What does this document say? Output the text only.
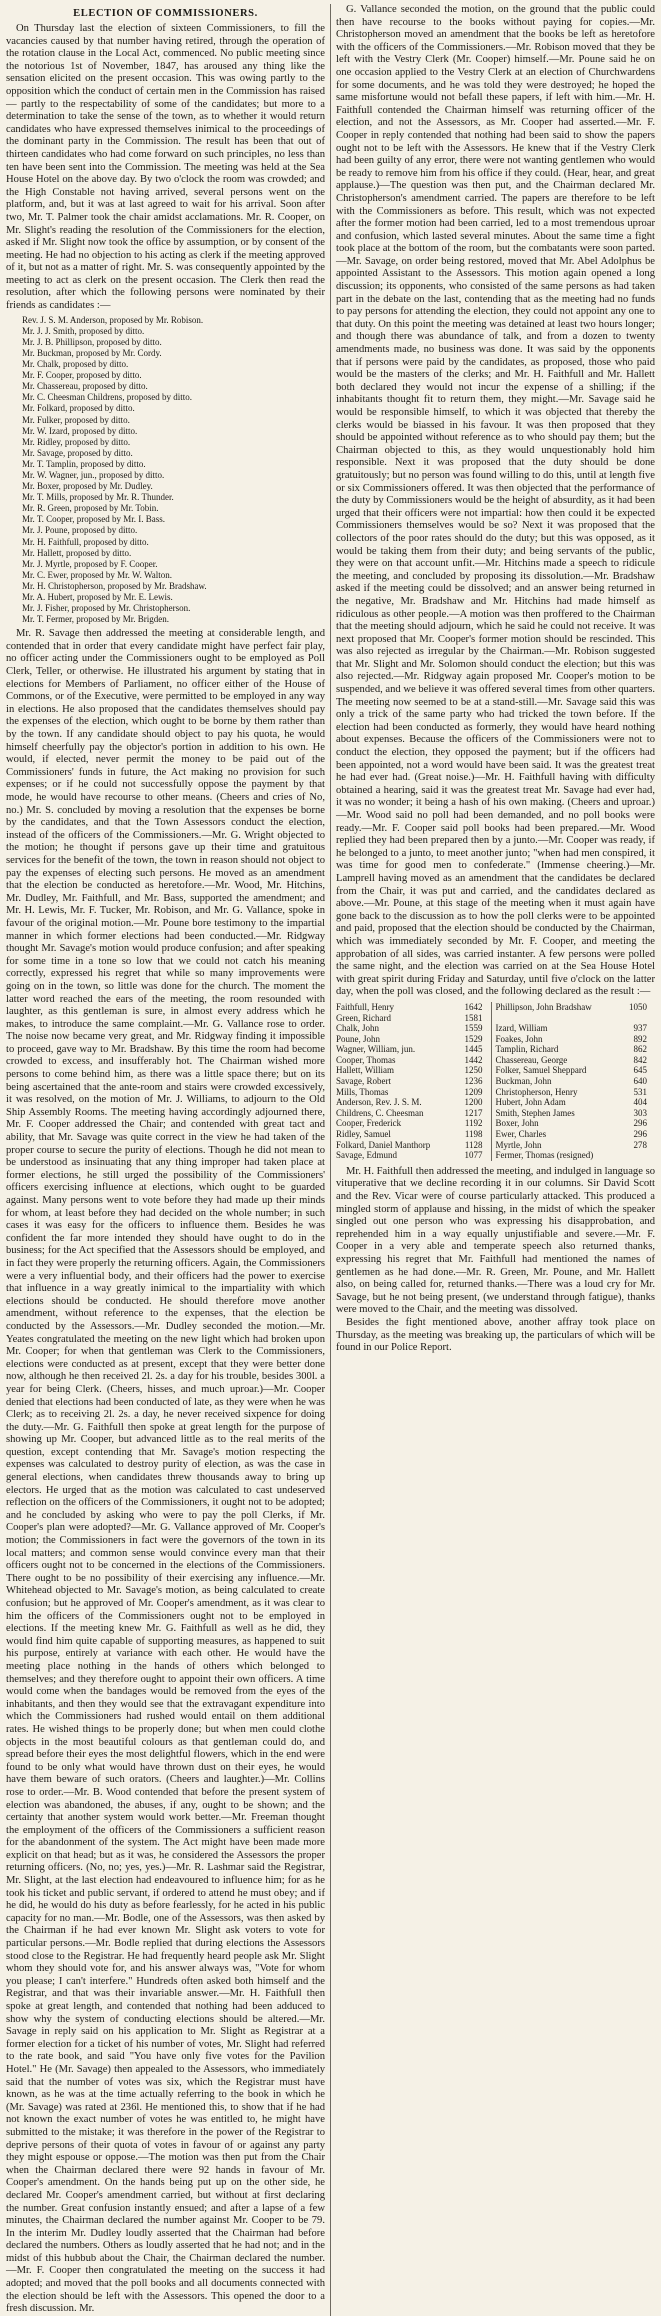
ELECTION OF COMMISSIONERS.

On Thursday last the election of sixteen Commissioners, to fill the vacancies caused by that number having retired, through the operation of the rotation clause in the Local Act, commenced. No public meeting since the notorious 1st of November, 1847, has aroused any thing like the sensation elicited on the present occasion. This was owing partly to the opposition which the conduct of certain men in the Commission has raised — partly to the respectability of some of the candidates; but more to a determination to take the sense of the town, as to whether it would return candidates who have expressed themselves inimical to the proceedings of the dominant party in the Commission. The result has been that out of thirteen candidates who had come forward on such principles, no less than ten have been sent into the Commission. The meeting was held at the Sea House Hotel on the above day. By two o'clock the room was crowded; and the High Constable not having arrived, several persons went on the platform, and, but it was at last agreed to wait for his arrival. Soon after two, Mr. T. Palmer took the chair amidst acclamations. Mr. R. Cooper, on Mr. Slight's reading the resolution of the Commissioners for the election, asked if Mr. Slight now took the office by assumption, or by consent of the meeting. He had no objection to his acting as clerk if the meeting approved of it, but not as a matter of right. Mr. S. was consequently appointed by the meeting to act as clerk on the present occasion. The Clerk then read the resolution, after which the following persons were nominated by their friends as candidates :—

Rev. J. S. M. Anderson, proposed by Mr. Robison.
Mr. J. J. Smith, proposed by ditto.
Mr. J. B. Phillipson, proposed by ditto.
Mr. Buckman, proposed by Mr. Cordy.
Mr. Chalk, proposed by ditto.
Mr. F. Cooper, proposed by ditto.
Mr. Chassereau, proposed by ditto.
Mr. C. Cheesman Childrens, proposed by ditto.
Mr. Folkard, proposed by ditto.
Mr. Fulker, proposed by ditto.
Mr. W. Izard, proposed by ditto.
Mr. Ridley, proposed by ditto.
Mr. Savage, proposed by ditto.
Mr. T. Tamplin, proposed by ditto.
Mr. W. Wagner, jun., proposed by ditto.
Mr. Boxer, proposed by Mr. Dudley.
Mr. T. Mills, proposed by Mr. R. Thunder.
Mr. R. Green, proposed by Mr. Tobin.
Mr. T. Cooper, proposed by Mr. I. Bass.
Mr. J. Poune, proposed by ditto.
Mr. H. Faithfull, proposed by ditto.
Mr. Hallett, proposed by ditto.
Mr. J. Myrtle, proposed by F. Cooper.
Mr. C. Ewer, proposed by Mr. W. Walton.
Mr. H. Christopherson, proposed by Mr. Bradshaw.
Mr. A. Hubert, proposed by Mr. E. Lewis.
Mr. J. Fisher, proposed by Mr. Christopherson.
Mr. T. Fermer, proposed by Mr. Brigden.

Mr. R. Savage then addressed the meeting at considerable length, and contended that in order that every candidate might have perfect fair play, no officer acting under the Commissioners ought to be employed as Poll Clerk, Teller, or otherwise. He illustrated his argument by stating that in elections for Members of Parliament, no officer either of the House of Commons, or of the Executive, were permitted to be employed in any way in elections. He also proposed that the candidates themselves should pay the expenses of the election, which ought to be borne by them rather than by the town. If any candidate should object to pay his quota, he would himself cheerfully pay the objector's portion in addition to his own. He would, if elected, never permit the money to be paid out of the Commissioners' funds in future, the Act making no provision for such expenses; or if he could not successfully oppose the payment by that mode, he would have recourse to other means. (Cheers and cries of No, no.) Mr. S. concluded by moving a resolution that the expenses be borne by the candidates, and that the Town Assessors conduct the election, instead of the officers of the Commissioners.—Mr. G. Wright objected to the motion; he thought if persons gave up their time and gratuitous services for the benefit of the town, the town in reason should not object to pay the expenses of electing such persons. He moved as an amendment that the election be conducted as heretofore.—Mr. Wood, Mr. Hitchins, Mr. Dudley, Mr. Faithfull, and Mr. Bass, supported the amendment; and Mr. H. Lewis, Mr. F. Tucker, Mr. Robison, and Mr. G. Vallance, spoke in favour of the original motion.—Mr. Poune bore testimony to the impartial manner in which former elections had been conducted.—Mr. Ridgway thought Mr. Savage's motion would produce confusion; and after speaking for some time in a tone so low that we could not catch his meaning correctly, expressed his regret that while so many improvements were going on in the town, so little was done for the church. The moment the latter word reached the ears of the meeting, the room resounded with laughter, as this gentleman is sure, in almost every address which he makes, to introduce the same complaint.—Mr. G. Vallance rose to order. The noise now became very great, and Mr. Ridgway finding it impossible to proceed, gave way to Mr. Bradshaw. By this time the room had become crowded to excess, and insufferably hot. The Chairman wished more persons to come behind him, as there was a little space there; but on its being ascertained that the ante-room and stairs were crowded excessively, it was resolved, on the motion of Mr. J. Williams, to adjourn to the Old Ship Assembly Rooms. The meeting having accordingly adjourned there, Mr. F. Cooper addressed the Chair; and contended with great tact and ability, that Mr. Savage was quite correct in the view he had taken of the proper course to secure the purity of elections. Though he did not mean to be understood as insinuating that any thing improper had taken place at former elections, he still urged the possibility of the Commissioners' officers exercising influence at elections, which ought to be guarded against. Many persons went to vote before they had made up their minds for whom, at least before they had decided on the whole number; in such cases it was easy for the officers to influence them. Besides he was confident the far more intended they should have ought to do in the business; for the Act specified that the Assessors should be employed, and in fact they were properly the returning officers. Again, the Commissioners were a very influential body, and their officers had the power to exercise that influence in a way greatly inimical to the impartiality with which elections should be conducted. He should therefore move another amendment, without reference to the expenses, that the election be conducted by the Assessors.—Mr. Dudley seconded the motion.—Mr. Yeates congratulated the meeting on the new light which had broken upon Mr. Cooper; for when that gentleman was Clerk to the Commissioners, elections were conducted as at present, except that they were better done now, although he then received 2l. 2s. a day for his trouble, besides 300l. a year for being Clerk. (Cheers, hisses, and much uproar.)—Mr. Cooper denied that elections had been conducted of late, as they were when he was Clerk; as to receiving 2l. 2s. a day, he never received sixpence for doing the duty.—Mr. G. Faithfull then spoke at great length for the purpose of showing up Mr. Cooper, but advanced little as to the real merits of the question, except contending that Mr. Savage's motion respecting the expenses was calculated to destroy purity of election, as was the case in general elections, when candidates threw thousands away to bring up electors. He urged that as the motion was calculated to cast undeserved reflection on the officers of the Commissioners, it ought not to be adopted; and he concluded by asking who were to pay the poll Clerks, if Mr. Cooper's plan were adopted?—Mr. G. Vallance approved of Mr. Cooper's motion; the Commissioners in fact were the governors of the town in its local matters; and common sense would convince every man that their officers ought not to be concerned in the elections of the Commissioners. There ought to be no possibility of their exercising any influence.—Mr. Whitehead objected to Mr. Savage's motion, as being calculated to create confusion; but he approved of Mr. Cooper's amendment, as it was clear to him the officers of the Commissioners ought not to be employed in elections. If the meeting knew Mr. G. Faithfull as well as he did, they would find him quite capable of supporting measures, as happened to suit his purpose, entirely at variance with each other. He would have the meeting place nothing in the hands of others which belonged to themselves; and they therefore ought to appoint their own officers. A time would come when the bandages would be removed from the eyes of the inhabitants, and then they would see that the extravagant expenditure into which the Commissioners had rushed would entail on them additional rates. He wished things to be properly done; but when men could clothe objects in the most beautiful colours as that gentleman could do, and spread before their eyes the most delightful flowers, which in the end were found to be only what would have thrown dust on their eyes, he would have them beware of such orators. (Cheers and laughter.)—Mr. Collins rose to order.—Mr. B. Wood contended that before the present system of election was abandoned, the abuses, if any, ought to be shown; and the certainty that another system would work better.—Mr. Freeman thought the employment of the officers of the Commissioners a sufficient reason for the abandonment of the system. The Act might have been made more explicit on that head; but as it was, he considered the Assessors the proper returning officers. (No, no; yes, yes.)—Mr. R. Lashmar said the Registrar, Mr. Slight, at the last election had endeavoured to influence him; for as he took his ticket and public servant, if ordered to attend he must obey; and if he did, he would do his duty as before fearlessly, for he acted in his public capacity for no man.—Mr. Bodle, one of the Assessors, was then asked by the Chairman if he had ever known Mr. Slight ask voters to vote for particular persons.—Mr. Bodle replied that during elections the Assessors stood close to the Registrar. He had frequently heard people ask Mr. Slight whom they should vote for, and his answer always was, "Vote for whom you please; I can't interfere." Hundreds often asked both himself and the Registrar, and that was their invariable answer.—Mr. H. Faithfull then spoke at great length, and contended that nothing had been adduced to show why the system of conducting elections should be altered.—Mr. Savage in reply said on his application to Mr. Slight as Registrar at a former election for a ticket of his number of votes, Mr. Slight had referred to the rate book, and said "You have only five votes for the Pavilion Hotel." He (Mr. Savage) then appealed to the Assessors, who immediately said that the number of votes was six, which the Registrar must have known, as he was at the time actually referring to the book in which he (Mr. Savage) was rated at 236l. He mentioned this, to show that if he had not known the exact number of votes he was entitled to, he might have submitted to the mistake; it was therefore in the power of the Registrar to deprive persons of their quota of votes in favour of or against any party they might espouse or oppose.—The motion was then put from the Chair when the Chairman declared there were 92 hands in favour of Mr. Cooper's amendment. On the hands being put up on the other side, he declared Mr. Cooper's amendment carried, but without at first declaring the number. Great confusion instantly ensued; and after a lapse of a few minutes, the Chairman declared the number against Mr. Cooper to be 79. In the interim Mr. Dudley loudly asserted that the Chairman had before declared the numbers. Others as loudly asserted that he had not; and in the midst of this hubbub about the Chair, the Chairman declared the number.—Mr. F. Cooper then congratulated the meeting on the success it had adopted; and moved that the poll books and all documents connected with the election should be left with the Assessors. This opened the door to a fresh discussion. Mr.

G. Vallance seconded the motion, on the ground that the public could then have recourse to the books without paying for copies.—Mr. Christopherson moved an amendment that the books be left as heretofore with the officers of the Commissioners.—Mr. Robison moved that they be left with the Vestry Clerk (Mr. Cooper) himself.—Mr. Poune said he on one occasion applied to the Vestry Clerk at an election of Churchwardens for some documents, and he was told they were destroyed; he hoped the same misfortune would not befall these papers, if left with him.—Mr. H. Faithfull contended the Chairman himself was returning officer of the election, and not the Assessors, as Mr. Cooper had asserted.—Mr. F. Cooper in reply contended that nothing had been said to show the papers ought not to be left with the Assessors. He knew that if the Vestry Clerk had been guilty of any error, there were not wanting gentlemen who would be ready to remove him from his office if they could. (Hear, hear, and great applause.)—The question was then put, and the Chairman declared Mr. Christopherson's amendment carried. The papers are therefore to be left with the Commissioners as before. This result, which was not expected after the former motion had been carried, led to a most tremendous uproar and confusion, which lasted several minutes. About the same time a fight took place at the bottom of the room, but the combatants were soon parted.—Mr. Savage, on order being restored, moved that Mr. Abel Adolphus be appointed Assistant to the Assessors. This motion again opened a long discussion; its opponents, who consisted of the same persons as had taken part in the debate on the last, contending that as the meeting had no funds to pay persons for attending the election, they could not appoint any one to that duty. On this point the meeting was detained at least two hours longer; and though there was abundance of talk, and from a dozen to twenty amendments made, no business was done. It was said by the opponents that if persons were paid by the candidates, as proposed, those who paid would be the masters of the clerks; and Mr. H. Faithfull and Mr. Hallett both declared they would not incur the expense of a shilling; if the inhabitants thought fit to return them, they might.—Mr. Savage said he would be responsible himself, to which it was objected that thereby the clerks would be biassed in his favour. It was then proposed that they should be appointed without reference as to who should pay them; but the Chairman objected to this, as they would unquestionably hold him responsible. Next it was proposed that the duty should be done gratuitously; but no person was found willing to do this, until at length five or six Commissioners offered. It was then objected that the performance of the duty by Commissioners would be the height of absurdity, as it had been urged that their officers were not impartial: how then could it be expected Commissioners themselves would be so? Next it was proposed that the collectors of the poor rates should do the duty; but this was opposed, as it would be taking them from their duty; and being servants of the public, they were on that account unfit.—Mr. Hitchins made a speech to ridicule the meeting, and concluded by proposing its dissolution.—Mr. Bradshaw asked if the meeting could be dissolved; and an answer being returned in the negative, Mr. Bradshaw and Mr. Hitchins had made himself as ridiculous as other people.—A motion was then proffered to the Chairman that the meeting should adjourn, which he said he could not receive. It was next proposed that Mr. Cooper's former motion should be rescinded. This was also rejected as irregular by the Chairman.—Mr. Robison suggested that Mr. Slight and Mr. Solomon should conduct the election; but this was also rejected.—Mr. Ridgway again proposed Mr. Cooper's motion to be suspended, and we believe it was offered several times from other quarters. The meeting now seemed to be at a stand-still.—Mr. Savage said this was only a trick of the same party who had tricked the town before. If the election had been conducted as formerly, they would have heard nothing about expenses. Because the officers of the Commissioners were not to conduct the election, they opposed the payment; but if the officers had been appointed, not a word would have been said. It was the greatest treat he had ever had. (Great noise.)—Mr. H. Faithfull having with difficulty obtained a hearing, said it was the greatest treat Mr. Savage had ever had, it was no wonder; it being a hash of his own making. (Cheers and uproar.)—Mr. Wood said no poll had been demanded, and no poll books were ready.—Mr. F. Cooper said poll books had been prepared.—Mr. Wood replied they had been prepared then by a junto.—Mr. Cooper was ready, if he belonged to a junto, to meet another junto; "when had men conspired, it was time for good men to confederate." (Immense cheering.)—Mr. Lamprell having moved as an amendment that the candidates be declared from the Chair, it was put and carried, and the candidates declared as above.—Mr. Poune, at this stage of the meeting when it must again have gone back to the discussion as to how the poll clerks were to be appointed and paid, proposed that the election should be conducted by the Chairman, which was immediately seconded by Mr. F. Cooper, and meeting the approbation of all sides, was carried instanter. A few persons were polled the same night, and the election was carried on at the Sea House Hotel with great spirit during Friday and Saturday, until five o'clock on the latter day, when the poll was closed, and the following declared as the result :—

Faithfull, Henry	1642	Phillipson, John Bradshaw	1050
Green, Richard	1581		
Chalk, John	1559	Izard, William	937
Poune, John	1529	Foakes, John	892
Wagner, William, jun.	1445	Tamplin, Richard	862
Cooper, Thomas	1442	Chassereau, George	842
Hallett, William	1250	Folker, Samuel Sheppard	645
Savage, Robert	1236	Buckman, John	640
Mills, Thomas	1209	Christopherson, Henry	531
Anderson, Rev. J. S. M.	1200	Hubert, John Adam	404
Childrens, C. Cheesman	1217	Smith, Stephen James	303
Cooper, Frederick	1192	Boxer, John	296
Ridley, Samuel	1198	Ewer, Charles	296
Folkard, Daniel Manthorp	1128	Myrtle, John	278
Savage, Edmund	1077	Fermer, Thomas (resigned)	

Mr. H. Faithfull then addressed the meeting, and indulged in language so vituperative that we decline recording it in our columns. Sir David Scott and the Rev. Vicar were of course particularly attacked. This produced a mingled storm of applause and hissing, in the midst of which the speaker singled out one person who was expressing his disapprobation, and reprehended him in a way equally unjustifiable and severe.—Mr. F. Cooper in a very able and temperate speech also returned thanks, expressing his regret that Mr. Faithfull had mentioned the names of gentlemen as he had done.—Mr. R. Green, Mr. Poune, and Mr. Hallett also, on being called for, returned thanks.—There was a loud cry for Mr. Savage, but he not being present, (we understand through fatigue), thanks were moved to the Chair, and the meeting was dissolved.

Besides the fight mentioned above, another affray took place on Thursday, as the meeting was breaking up, the particulars of which will be found in our Police Report.
